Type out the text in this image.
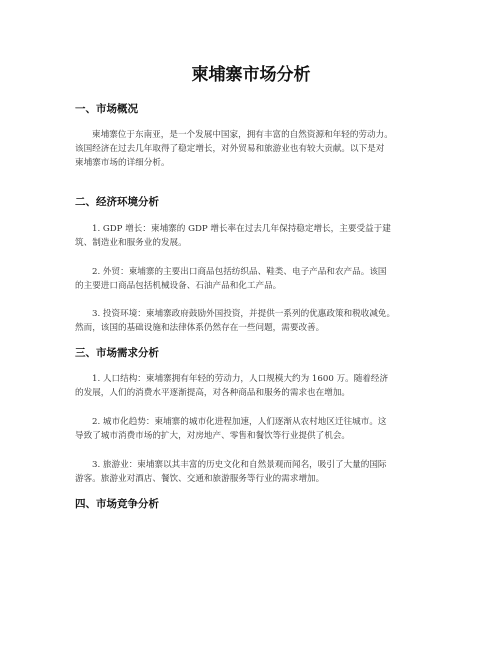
柬埔寨市场分析
一、市场概况

柬埔寨位于东南亚，是一个发展中国家，拥有丰富的自然资源和年轻的劳动力。
该国经济在过去几年取得了稳定增长，对外贸易和旅游业也有较大贡献。以下是对
柬埔寨市场的详细分析。

二、经济环境分析

1. GDP 增长：柬埔寨的 GDP 增长率在过去几年保持稳定增长，主要受益于建
筑、制造业和服务业的发展。

2. 外贸：柬埔寨的主要出口商品包括纺织品、鞋类、电子产品和农产品。该国
的主要进口商品包括机械设备、石油产品和化工产品。

3. 投资环境：柬埔寨政府鼓励外国投资，并提供一系列的优惠政策和税收减免。
然而，该国的基础设施和法律体系仍然存在一些问题，需要改善。

三、市场需求分析

1. 人口结构：柬埔寨拥有年轻的劳动力，人口规模大约为 1600 万。随着经济
的发展，人们的消费水平逐渐提高，对各种商品和服务的需求也在增加。

2. 城市化趋势：柬埔寨的城市化进程加速，人们逐渐从农村地区迁往城市。这
导致了城市消费市场的扩大，对房地产、零售和餐饮等行业提供了机会。

3. 旅游业：柬埔寨以其丰富的历史文化和自然景观而闻名，吸引了大量的国际
游客。旅游业对酒店、餐饮、交通和旅游服务等行业的需求增加。

四、市场竞争分析
